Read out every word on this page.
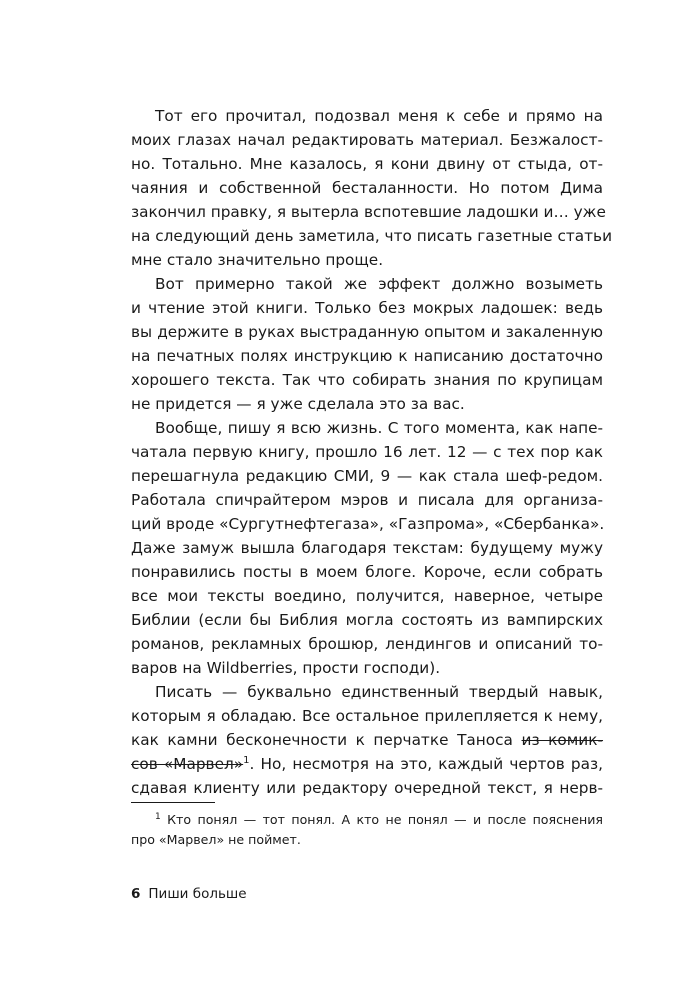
Тот его прочитал, подозвал меня к себе и прямо на
моих глазах начал редактировать материал. Безжалост-
но. Тотально. Мне казалось, я кони двину от стыда, от-
чаяния и собственной бесталанности. Но потом Дима
закончил правку, я вытерла вспотевшие ладошки и… уже
на следующий день заметила, что писать газетные статьи
мне стало значительно проще.
Вот примерно такой же эффект должно возыметь
и чтение этой книги. Только без мокрых ладошек: ведь
вы держите в руках выстраданную опытом и закаленную
на печатных полях инструкцию к написанию достаточно
хорошего текста. Так что собирать знания по крупицам
не придется — я уже сделала это за вас.
Вообще, пишу я всю жизнь. С того момента, как напе-
чатала первую книгу, прошло 16 лет. 12 — с тех пор как
перешагнула редакцию СМИ, 9 — как стала шеф-редом.
Работала спичрайтером мэров и писала для организа-
ций вроде «Сургутнефтегаза», «Газпрома», «Сбербанка».
Даже замуж вышла благодаря текстам: будущему мужу
понравились посты в моем блоге. Короче, если собрать
все мои тексты воедино, получится, наверное, четыре
Библии (если бы Библия могла состоять из вампирских
романов, рекламных брошюр, лендингов и описаний то-
варов на Wildberries, прости господи).
Писать — буквально единственный твердый навык,
которым я обладаю. Все остальное прилепляется к нему,
как камни бесконечности к перчатке Таноса из комик-
сов «Марвел»$^1$. Но, несмотря на это, каждый чертов раз,
сдавая клиенту или редактору очередной текст, я нерв-
$^1$ Кто понял — тот понял. А кто не понял — и после пояснения
про «Марвел» не поймет.
6 Пиши больше
